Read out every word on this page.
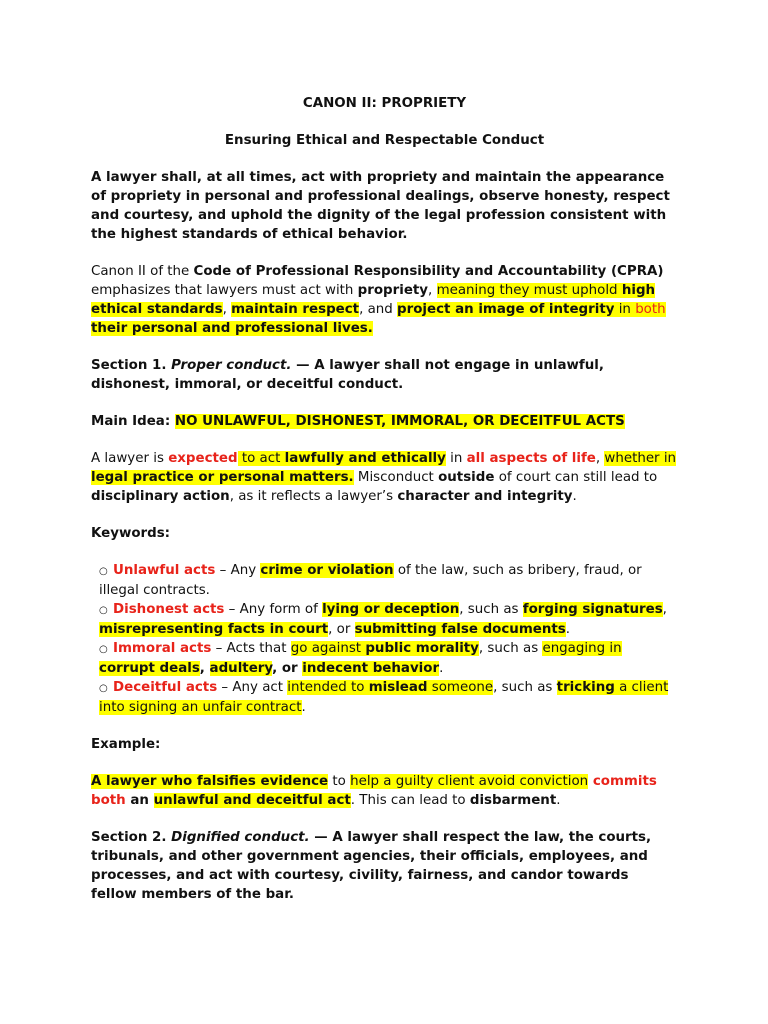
CANON II: PROPRIETY

Ensuring Ethical and Respectable Conduct

A lawyer shall, at all times, act with propriety and maintain the appearance of propriety in personal and professional dealings, observe honesty, respect and courtesy, and uphold the dignity of the legal profession consistent with the highest standards of ethical behavior.

Canon II of the Code of Professional Responsibility and Accountability (CPRA) emphasizes that lawyers must act with propriety, meaning they must uphold high ethical standards, maintain respect, and project an image of integrity in both
their personal and professional lives.

Section 1. Proper conduct. — A lawyer shall not engage in unlawful, dishonest, immoral, or deceitful conduct.

Main Idea: NO UNLAWFUL, DISHONEST, IMMORAL, OR DECEITFUL ACTS

A lawyer is expected to act lawfully and ethically in all aspects of life, whether in
legal practice or personal matters. Misconduct outside of court can still lead to
disciplinary action, as it reflects a lawyer’s character and integrity.

Keywords:

○ Unlawful acts – Any crime or violation of the law, such as bribery, fraud, or illegal contracts.

○ Dishonest acts – Any form of lying or deception, such as forging signatures,
misrepresenting facts in court, or submitting false documents.

○ Immoral acts – Acts that go against public morality, such as engaging in
corrupt deals, adultery, or indecent behavior.

○ Deceitful acts – Any act intended to mislead someone, such as tricking a client
into signing an unfair contract.

Example:

A lawyer who falsifies evidence to help a guilty client avoid conviction commits
both an unlawful and deceitful act. This can lead to disbarment.

Section 2. Dignified conduct. — A lawyer shall respect the law, the courts, tribunals, and other government agencies, their officials, employees, and processes, and act with courtesy, civility, fairness, and candor towards fellow members of the bar.
